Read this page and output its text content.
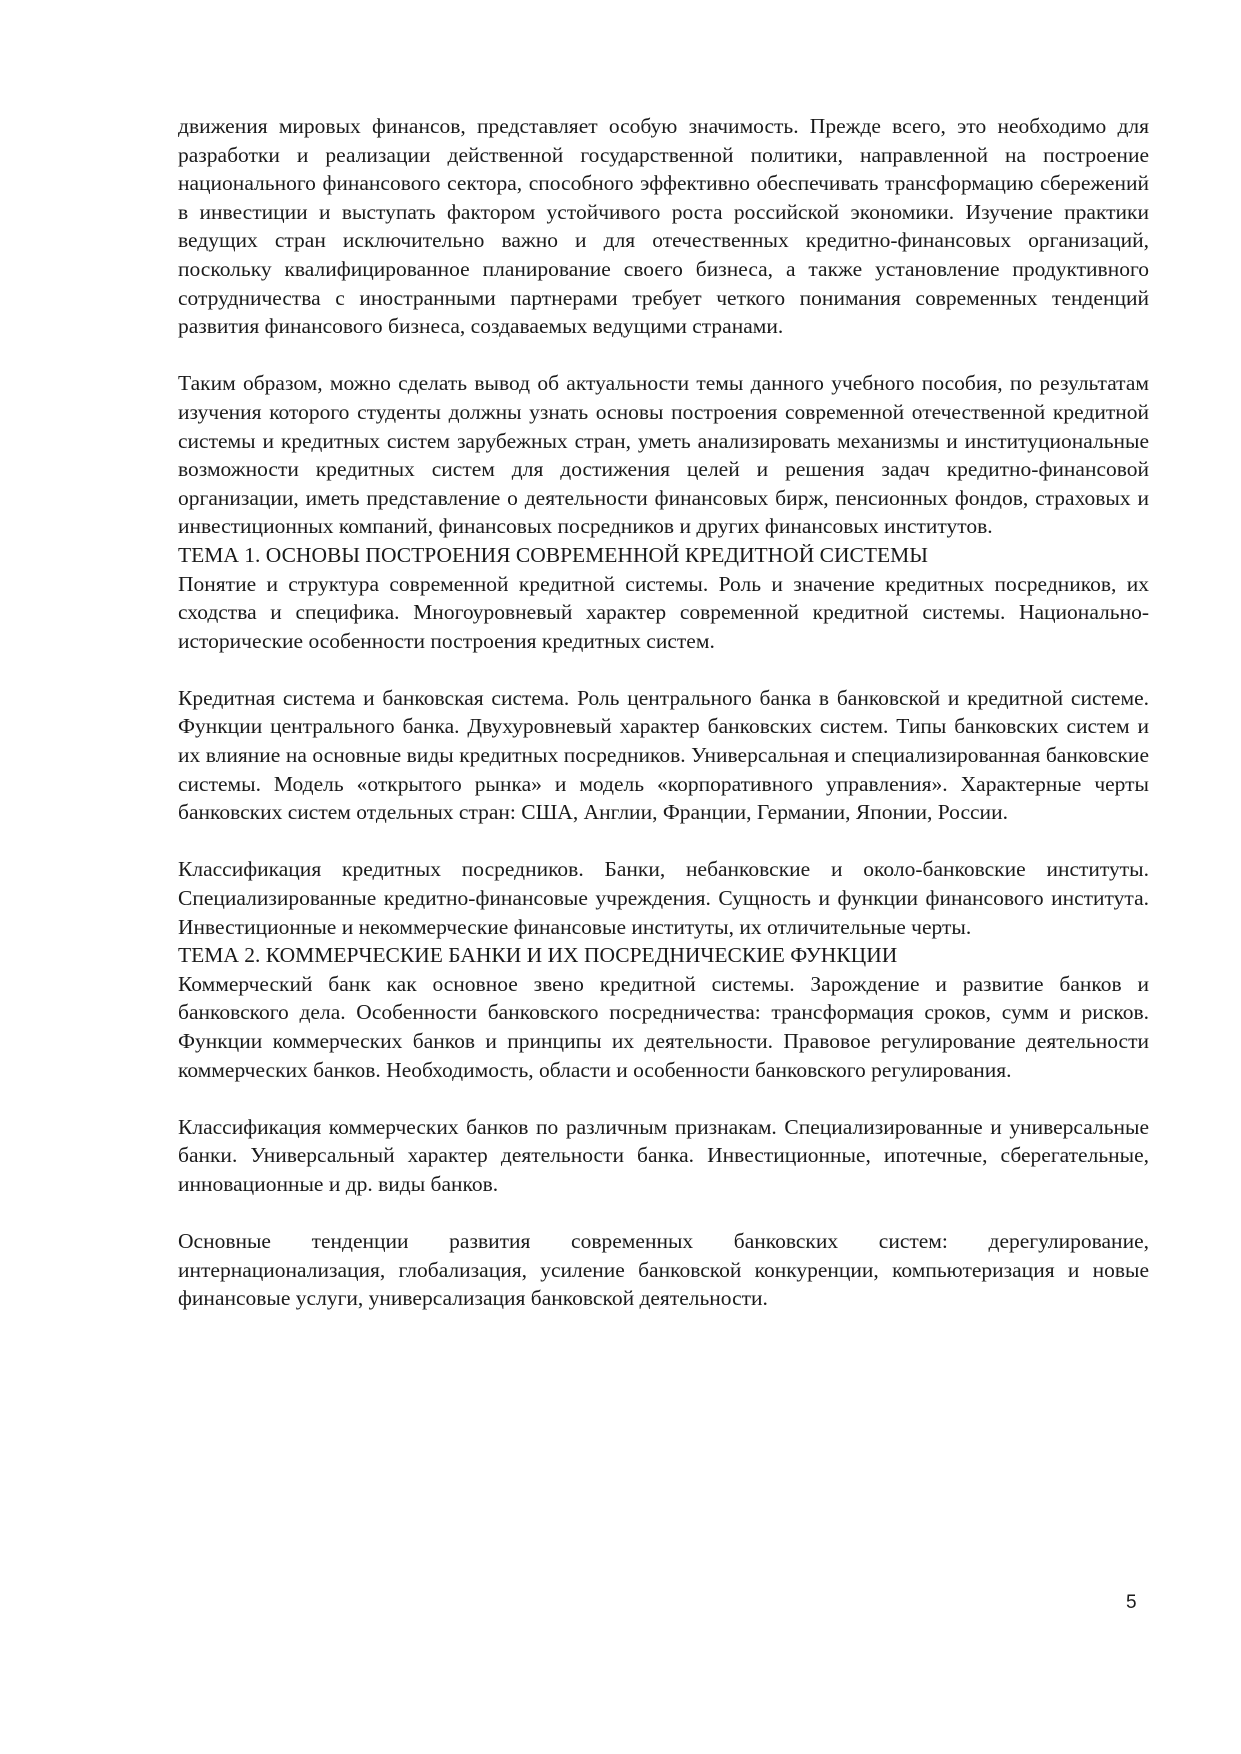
движения мировых финансов, представляет особую значимость. Прежде всего, это необходимо для разработки и реализации действенной государственной политики, направленной на построение национального финансового сектора, способного эффективно обеспечивать трансформацию сбережений в инвестиции и выступать фактором устойчивого роста российской экономики. Изучение практики ведущих стран исключительно важно и для отечественных кредитно-финансовых организаций, поскольку квалифицированное планирование своего бизнеса, а также установление продуктивного сотрудничества с иностранными партнерами требует четкого понимания современных тенденций развития финансового бизнеса, создаваемых ведущими странами.

Таким образом, можно сделать вывод об актуальности темы данного учебного пособия, по результатам изучения которого студенты должны узнать основы построения современной отечественной кредитной системы и кредитных систем зарубежных стран, уметь анализировать механизмы и институциональные возможности кредитных систем для достижения целей и решения задач кредитно-финансовой организации, иметь представление о деятельности финансовых бирж, пенсионных фондов, страховых и инвестиционных компаний, финансовых посредников и других финансовых институтов.

ТЕМА 1. ОСНОВЫ ПОСТРОЕНИЯ СОВРЕМЕННОЙ КРЕДИТНОЙ СИСТЕМЫ

Понятие и структура современной кредитной системы. Роль и значение кредитных посредников, их сходства и специфика. Многоуровневый характер современной кредитной системы. Национально-исторические особенности построения кредитных систем.

Кредитная система и банковская система. Роль центрального банка в банковской и кредитной системе. Функции центрального банка. Двухуровневый характер банковских систем. Типы банковских систем и их влияние на основные виды кредитных посредников. Универсальная и специализированная банковские системы. Модель «открытого рынка» и модель «корпоративного управления». Характерные черты банковских систем отдельных стран: США, Англии, Франции, Германии, Японии, России.

Классификация кредитных посредников. Банки, небанковские и около-банковские институты. Специализированные кредитно-финансовые учреждения. Сущность и функции финансового института. Инвестиционные и некоммерческие финансовые институты, их отличительные черты.

ТЕМА 2. КОММЕРЧЕСКИЕ БАНКИ И ИХ ПОСРЕДНИЧЕСКИЕ ФУНКЦИИ

Коммерческий банк как основное звено кредитной системы. Зарождение и развитие банков и банковского дела. Особенности банковского посредничества: трансформация сроков, сумм и рисков. Функции коммерческих банков и принципы их деятельности. Правовое регулирование деятельности коммерческих банков. Необходимость, области и особенности банковского регулирования.

Классификация коммерческих банков по различным признакам. Специализированные и универсальные банки. Универсальный характер деятельности банка. Инвестиционные, ипотечные, сберегательные, инновационные и др. виды банков.

Основные тенденции развития современных банковских систем: дерегулирование, интернационализация, глобализация, усиление банковской конкуренции, компьютеризация и новые финансовые услуги, универсализация банковской деятельности.

5
